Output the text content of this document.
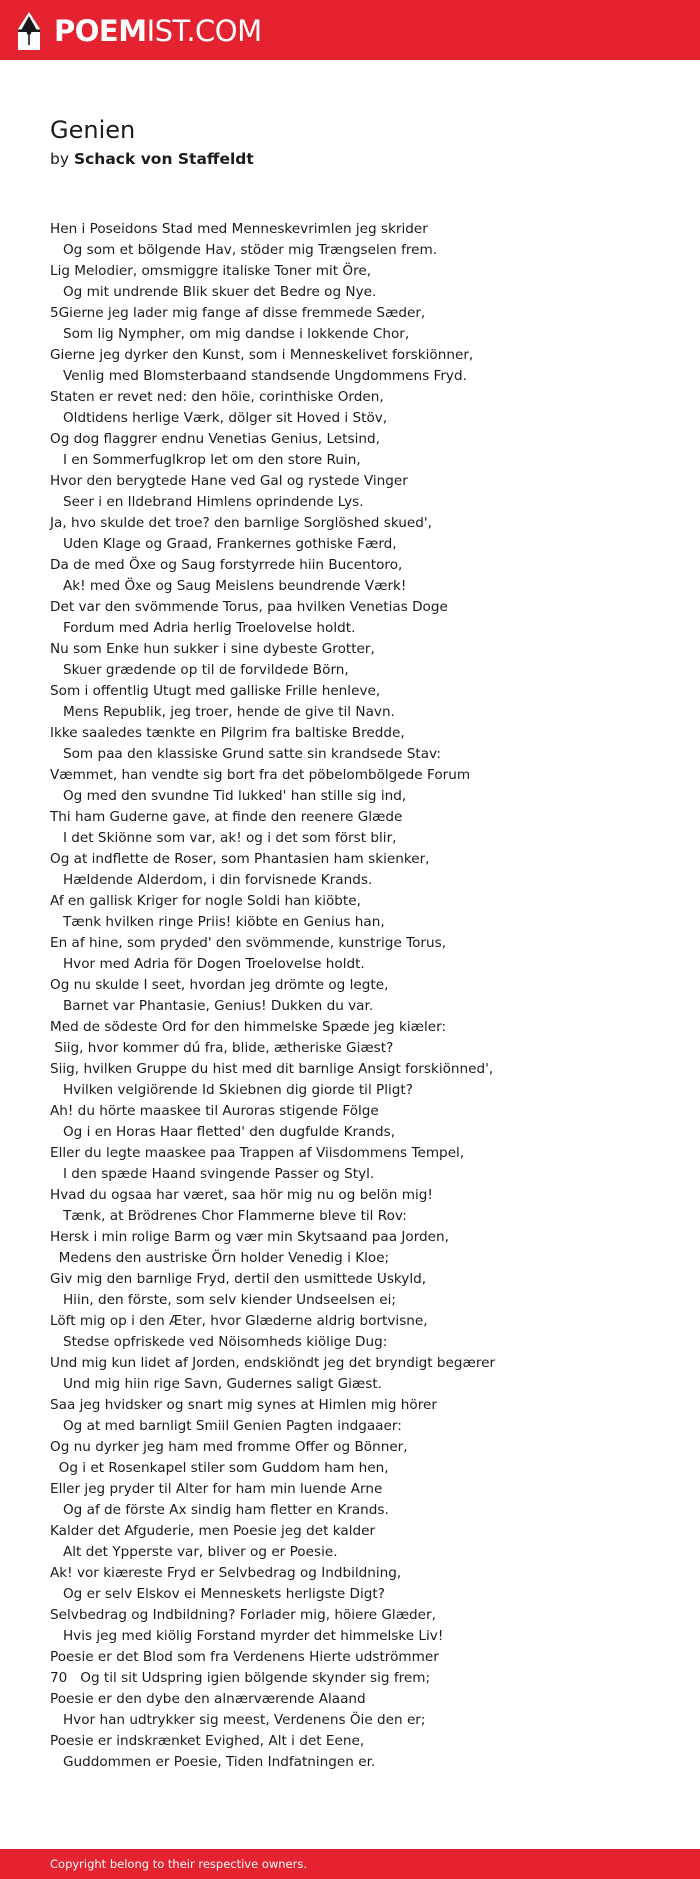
POEMIST.COM
Genien
by Schack von Staffeldt
Hen i Poseidons Stad med Menneskevrimlen jeg skrider
Og som et bölgende Hav, stöder mig Trængselen frem.
Lig Melodier, omsmiggre italiske Toner mit Öre,
Og mit undrende Blik skuer det Bedre og Nye.
5Gierne jeg lader mig fange af disse fremmede Sæder,
Som lig Nympher, om mig dandse i lokkende Chor,
Gierne jeg dyrker den Kunst, som i Menneskelivet forskiönner,
Venlig med Blomsterbaand standsende Ungdommens Fryd.
Staten er revet ned: den höie, corinthiske Orden,
Oldtidens herlige Værk, dölger sit Hoved i Stöv,
Og dog flaggrer endnu Venetias Genius, Letsind,
I en Sommerfuglkrop let om den store Ruin,
Hvor den berygtede Hane ved Gal og rystede Vinger
Seer i en Ildebrand Himlens oprindende Lys.
Ja, hvo skulde det troe? den barnlige Sorglöshed skued',
Uden Klage og Graad, Frankernes gothiske Færd,
Da de med Öxe og Saug forstyrrede hiin Bucentoro,
Ak! med Öxe og Saug Meislens beundrende Værk!
Det var den svömmende Torus, paa hvilken Venetias Doge
Fordum med Adria herlig Troelovelse holdt.
Nu som Enke hun sukker i sine dybeste Grotter,
Skuer grædende op til de forvildede Börn,
Som i offentlig Utugt med galliske Frille henleve,
Mens Republik, jeg troer, hende de give til Navn.
Ikke saaledes tænkte en Pilgrim fra baltiske Bredde,
Som paa den klassiske Grund satte sin krandsede Stav:
Væmmet, han vendte sig bort fra det pöbelombölgede Forum
Og med den svundne Tid lukked' han stille sig ind,
Thi ham Guderne gave, at finde den reenere Glæde
I det Skiönne som var, ak! og i det som först blir,
Og at indflette de Roser, som Phantasien ham skienker,
Hældende Alderdom, i din forvisnede Krands.
Af en gallisk Kriger for nogle Soldi han kiöbte,
Tænk hvilken ringe Priis! kiöbte en Genius han,
En af hine, som pryded' den svömmende, kunstrige Torus,
Hvor med Adria för Dogen Troelovelse holdt.
Og nu skulde I seet, hvordan jeg drömte og legte,
Barnet var Phantasie, Genius! Dukken du var.
Med de södeste Ord for den himmelske Spæde jeg kiæler:
Siig, hvor kommer dú fra, blide, ætheriske Giæst?
Siig, hvilken Gruppe du hist med dit barnlige Ansigt forskiönned',
Hvilken velgiörende Id Skiebnen dig giorde til Pligt?
Ah! du hörte maaskee til Auroras stigende Fölge
Og i en Horas Haar fletted' den dugfulde Krands,
Eller du legte maaskee paa Trappen af Viisdommens Tempel,
I den spæde Haand svingende Passer og Styl.
Hvad du ogsaa har været, saa hör mig nu og belön mig!
Tænk, at Brödrenes Chor Flammerne bleve til Rov:
Hersk i min rolige Barm og vær min Skytsaand paa Jorden,
Medens den austriske Örn holder Venedig i Kloe;
Giv mig den barnlige Fryd, dertil den usmittede Uskyld,
Hiin, den förste, som selv kiender Undseelsen ei;
Löft mig op i den Æter, hvor Glæderne aldrig bortvisne,
Stedse opfriskede ved Nöisomheds kiölige Dug:
Und mig kun lidet af Jorden, endskiöndt jeg det bryndigt begærer
Und mig hiin rige Savn, Gudernes saligt Giæst.
Saa jeg hvidsker og snart mig synes at Himlen mig hörer
Og at med barnligt Smiil Genien Pagten indgaaer:
Og nu dyrker jeg ham med fromme Offer og Bönner,
Og i et Rosenkapel stiler som Guddom ham hen,
Eller jeg pryder til Alter for ham min luende Arne
Og af de förste Ax sindig ham fletter en Krands.
Kalder det Afguderie, men Poesie jeg det kalder
Alt det Ypperste var, bliver og er Poesie.
Ak! vor kiæreste Fryd er Selvbedrag og Indbildning,
Og er selv Elskov ei Menneskets herligste Digt?
Selvbedrag og Indbildning? Forlader mig, höiere Glæder,
Hvis jeg med kiölig Forstand myrder det himmelske Liv!
Poesie er det Blod som fra Verdenens Hierte udströmmer
70   Og til sit Udspring igien bölgende skynder sig frem;
Poesie er den dybe den alnærværende Alaand
Hvor han udtrykker sig meest, Verdenens Öie den er;
Poesie er indskrænket Evighed, Alt i det Eene,
Guddommen er Poesie, Tiden Indfatningen er.
Copyright belong to their respective owners.
